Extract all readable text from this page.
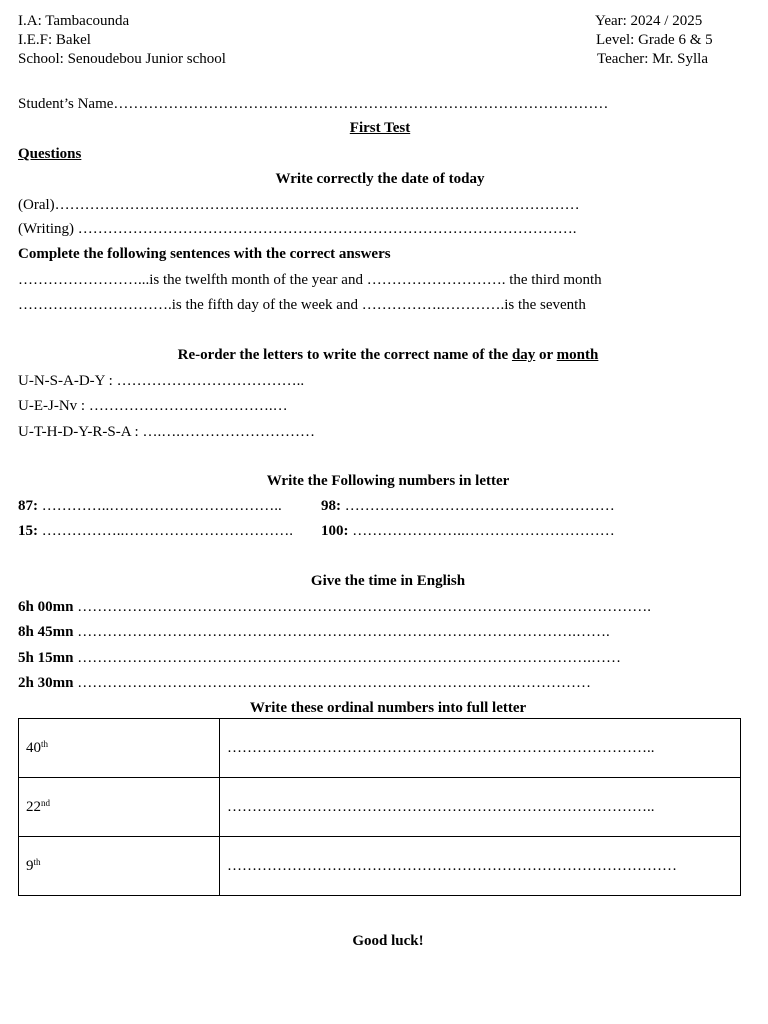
I.A: Tambacounda
I.E.F: Bakel
School: Senoudebou Junior school
Year: 2024 / 2025
Level: Grade 6 & 5
Teacher: Mr. Sylla
Student’s Name………………………………………………………………………………………
First Test
Questions
Write correctly the date of today
(Oral)……………………………………………………………………………………………
(Writing) ……………………………………………………………………………………….
Complete the following sentences with the correct answers
……………………...is the twelfth month of the year and ………………………. the third month
………………………….is the fifth day of the week and …………….………….is the seventh
Re-order the letters to write the correct name of the day or month
U-N-S-A-D-Y : ………………………………..
U-E-J-Nv : ……………………………….…
U-T-H-D-Y-R-S-A : ….….………………………
Write the Following numbers in letter
87: …………..……………………………..	98: ………………………………………………
15: ……………..……………………………. 100: …………………..…………………………
Give the time in English
6h 00mn …………………………………………………………………………………………………….
8h 45mn ……………………………………………………………………………………….…….
5h 15mn ………………………………………………………………………………………….……
2h 30mn …………………………………………………………………………….……………
Write these ordinal numbers into full letter
40th	…………………………………………………………………………..
22nd	…………………………………………………………………………..
9th	………………………………………………………………………………
Good luck!
